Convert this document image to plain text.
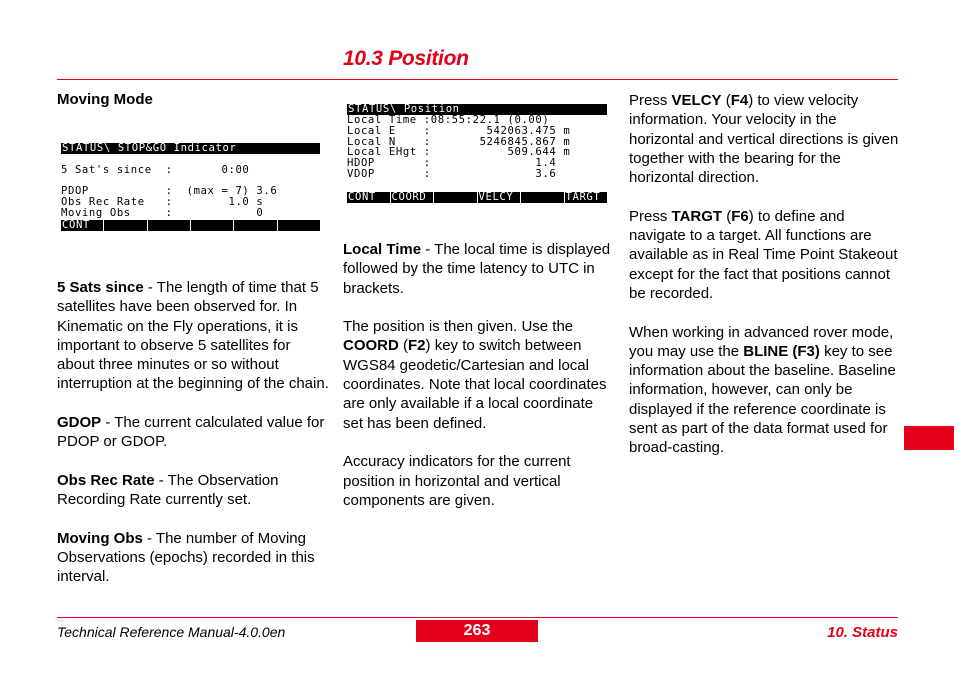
10.3 Position
Moving Mode
STATUS\ STOP&GO Indicator
5 Sat's since  :       0:00
PDOP           :  (max = 7) 3.6
Obs Rec Rate   :        1.0 s
Moving Obs     :            0
CONT

5 Sats since - The length of time that 5 satellites have been observed for. In Kinematic on the Fly operations, it is important to observe 5 satellites for about three minutes or so without interruption at the beginning of the chain.

GDOP - The current calculated value for PDOP or GDOP.

Obs Rec Rate - The Observation Recording Rate currently set.

Moving Obs - The number of Moving Observations (epochs) recorded in this interval.

STATUS\ Position
Local Time :08:55:22.1 (0.00)
Local E    :        542063.475 m
Local N    :       5246845.867 m
Local EHgt :           509.644 m
HDOP       :               1.4
VDOP       :               3.6
CONT	COORD	VELCY	TARGT

Local Time - The local time is displayed followed by the time latency to UTC in brackets.

The position is then given. Use the COORD (F2) key to switch between WGS84 geodetic/Cartesian and local coordinates. Note that local coordinates are only available if a local coordinate set has been defined.

Accuracy indicators for the current position in horizontal and vertical components are given.

Press VELCY (F4) to view velocity information. Your velocity in the horizontal and vertical directions is given together with the bearing for the horizontal direction.

Press TARGT (F6) to define and navigate to a target. All functions are available as in Real Time Point Stakeout except for the fact that positions cannot be recorded.

When working in advanced rover mode, you may use the BLINE (F3) key to see information about the baseline. Baseline information, however, can only be displayed if the reference coordinate is sent as part of the data format used for broad-casting.

Technical Reference Manual-4.0.0en	263	10. Status
